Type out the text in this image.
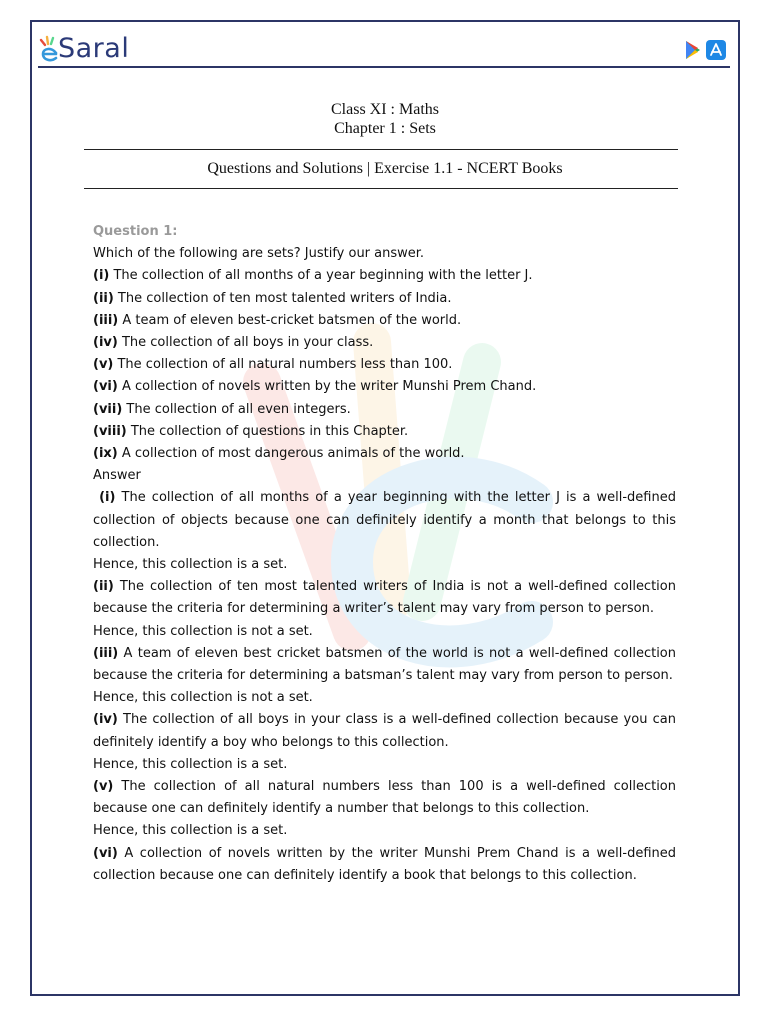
Saral
Class XI : Maths
Chapter 1 : Sets
Questions and Solutions | Exercise 1.1 - NCERT Books

Question 1:

Which of the following are sets? Justify our answer.

(i) The collection of all months of a year beginning with the letter J.

(ii) The collection of ten most talented writers of India.

(iii) A team of eleven best-cricket batsmen of the world.

(iv) The collection of all boys in your class.

(v) The collection of all natural numbers less than 100.

(vi) A collection of novels written by the writer Munshi Prem Chand.

(vii) The collection of all even integers.

(viii) The collection of questions in this Chapter.

(ix) A collection of most dangerous animals of the world.

Answer

(i) The collection of all months of a year beginning with the letter J is a well-defined collection of objects because one can definitely identify a month that belongs to this collection.

Hence, this collection is a set.

(ii) The collection of ten most talented writers of India is not a well-defined collection because the criteria for determining a writer’s talent may vary from person to person.

Hence, this collection is not a set.

(iii) A team of eleven best cricket batsmen of the world is not a well-defined collection because the criteria for determining a batsman’s talent may vary from person to person.

Hence, this collection is not a set.

(iv) The collection of all boys in your class is a well-defined collection because you can definitely identify a boy who belongs to this collection.

Hence, this collection is a set.

(v) The collection of all natural numbers less than 100 is a well-defined collection because one can definitely identify a number that belongs to this collection.

Hence, this collection is a set.

(vi) A collection of novels written by the writer Munshi Prem Chand is a well-defined collection because one can definitely identify a book that belongs to this collection.
